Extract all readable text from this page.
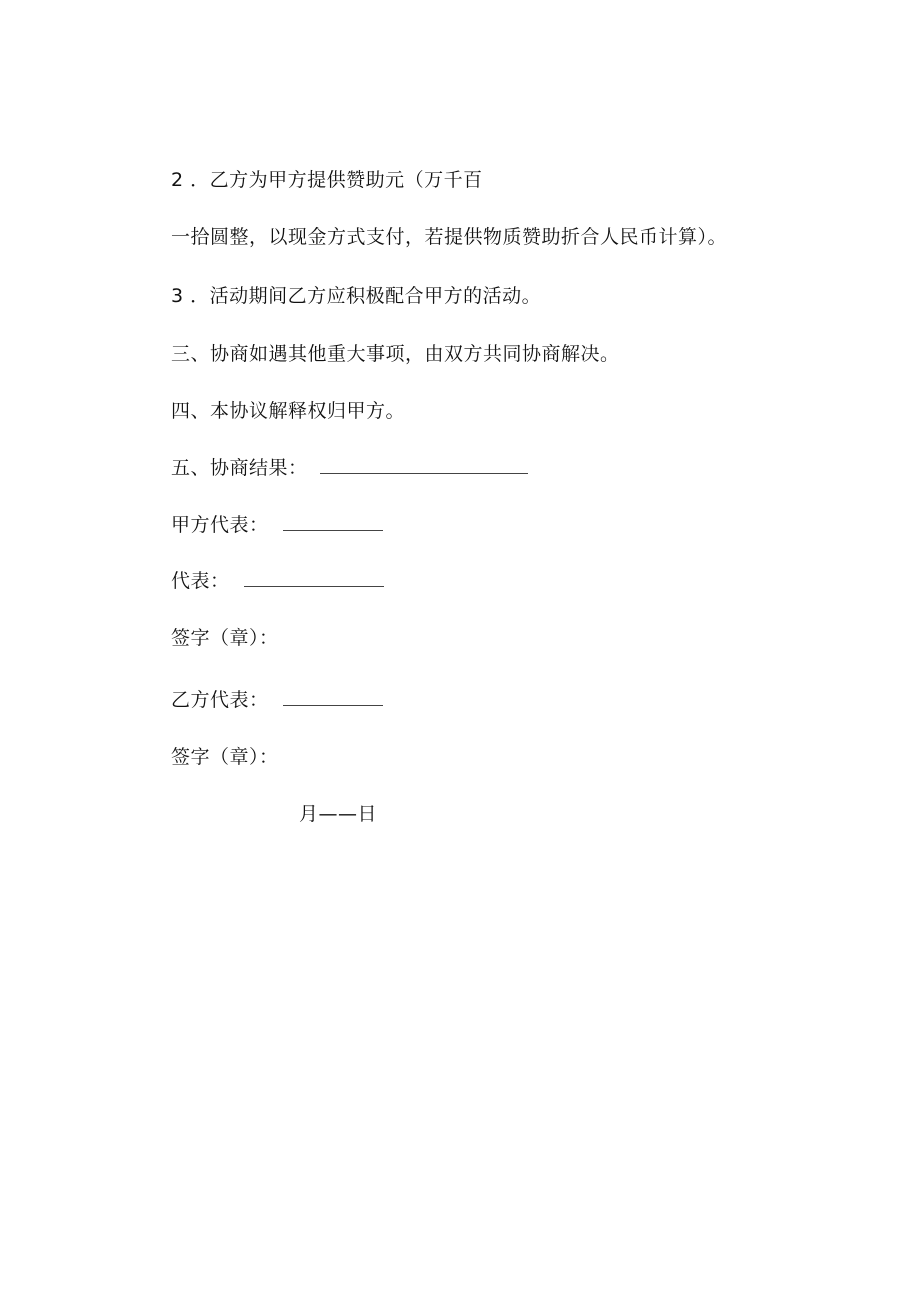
2 ．乙方为甲方提供赞助元（万千百
一拾圆整，以现金方式支付，若提供物质赞助折合人民币计算）。
3 ．活动期间乙方应积极配合甲方的活动。
三、协商如遇其他重大事项，由双方共同协商解决。
四、本协议解释权归甲方。
五、协商结果：
甲方代表：
代表：
签字（章）：
乙方代表：
签字（章）：
月——日
